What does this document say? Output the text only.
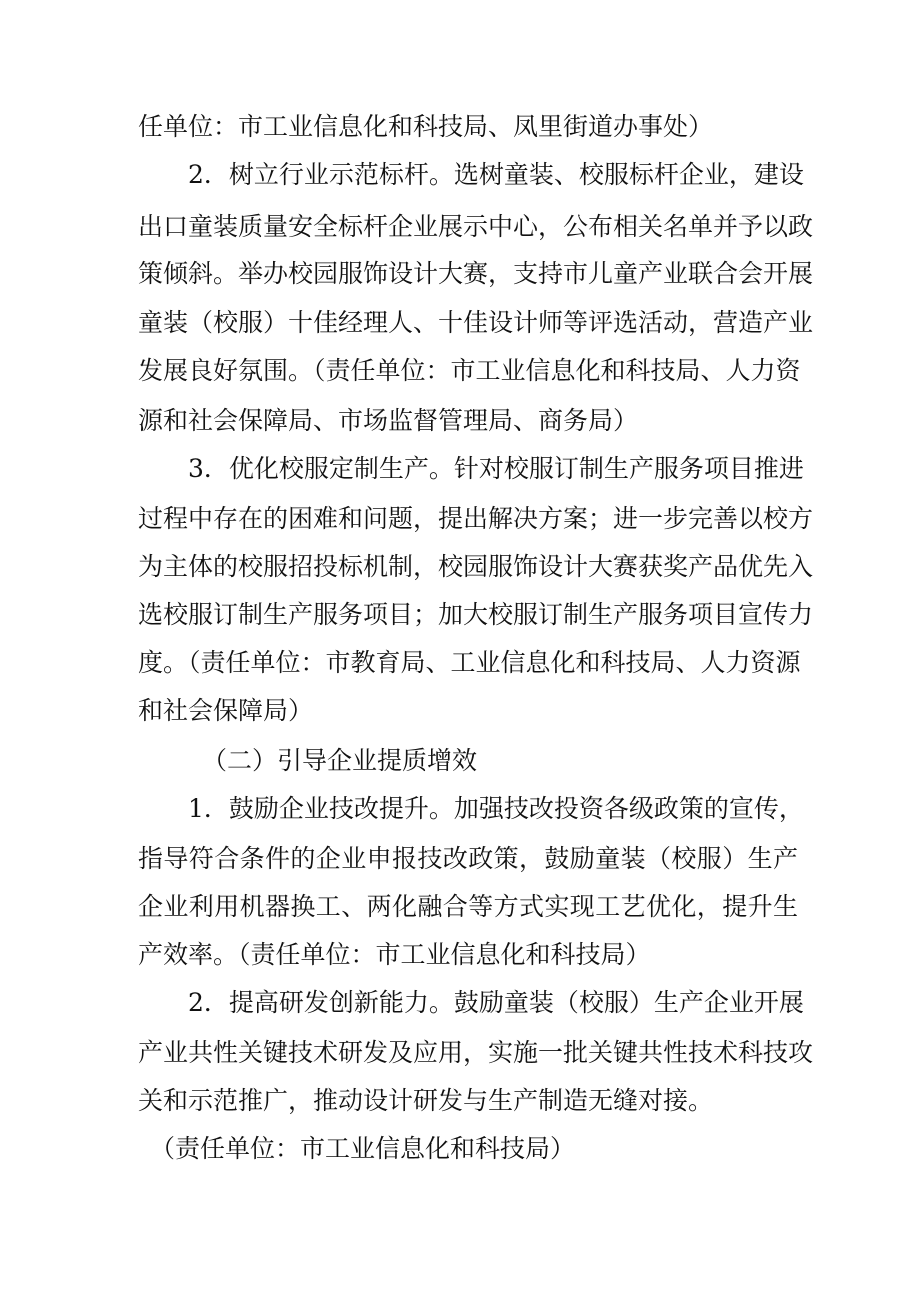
任单位：市工业信息化和科技局、凤里街道办事处）
2．树立行业示范标杆。选树童装、校服标杆企业，建设
出口童装质量安全标杆企业展示中心，公布相关名单并予以政
策倾斜。举办校园服饰设计大赛，支持市儿童产业联合会开展
童装（校服）十佳经理人、十佳设计师等评选活动，营造产业
发展良好氛围。（责任单位：市工业信息化和科技局、人力资
源和社会保障局、市场监督管理局、商务局）
3．优化校服定制生产。针对校服订制生产服务项目推进
过程中存在的困难和问题，提出解决方案；进一步完善以校方
为主体的校服招投标机制，校园服饰设计大赛获奖产品优先入
选校服订制生产服务项目；加大校服订制生产服务项目宣传力
度。（责任单位：市教育局、工业信息化和科技局、人力资源
和社会保障局）
（二）引导企业提质增效
1．鼓励企业技改提升。加强技改投资各级政策的宣传，
指导符合条件的企业申报技改政策，鼓励童装（校服）生产
企业利用机器换工、两化融合等方式实现工艺优化，提升生
产效率。（责任单位：市工业信息化和科技局）
2．提高研发创新能力。鼓励童装（校服）生产企业开展
产业共性关键技术研发及应用，实施一批关键共性技术科技攻
关和示范推广，推动设计研发与生产制造无缝对接。
（责任单位：市工业信息化和科技局）
